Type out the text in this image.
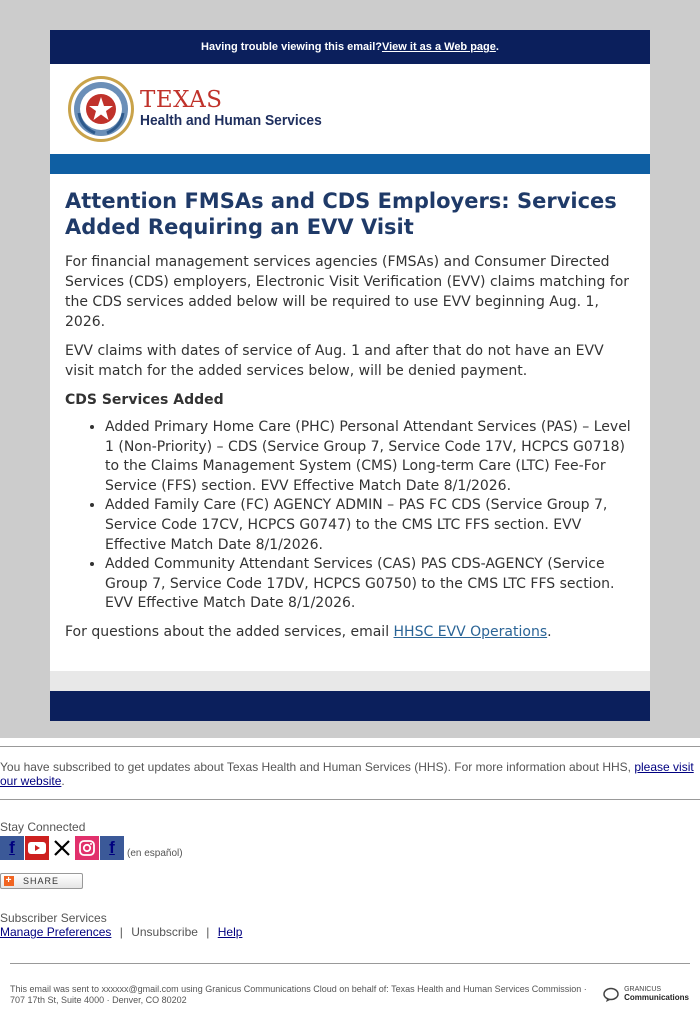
Having trouble viewing this email? View it as a Web page .
TEXAS
Health and Human Services
Attention FMSAs and CDS Employers: Services Added Requiring an EVV Visit

For financial management services agencies (FMSAs) and Consumer Directed Services (CDS) employers, Electronic Visit Verification (EVV) claims matching for the CDS services added below will be required to use EVV beginning Aug. 1, 2026.

EVV claims with dates of service of Aug. 1 and after that do not have an EVV visit match for the added services below, will be denied payment.

CDS Services Added
• Added Primary Home Care (PHC) Personal Attendant Services (PAS) – Level 1 (Non-Priority) – CDS (Service Group 7, Service Code 17V, HCPCS G0718) to the Claims Management System (CMS) Long-term Care (LTC) Fee-For Service (FFS) section. EVV Effective Match Date 8/1/2026.
• Added Family Care (FC) AGENCY ADMIN – PAS FC CDS (Service Group 7, Service Code 17CV, HCPCS G0747) to the CMS LTC FFS section. EVV Effective Match Date 8/1/2026.
• Added Community Attendant Services (CAS) PAS CDS-AGENCY (Service Group 7, Service Code 17DV, HCPCS G0750) to the CMS LTC FFS section. EVV Effective Match Date 8/1/2026.

For questions about the added services, email HHSC EVV Operations.

You have subscribed to get updates about Texas Health and Human Services (HHS). For more information about HHS, please visit our website.
Stay Connected
f	f	(en español)
+ SHARE
Subscriber Services
Manage Preferences | Unsubscribe | Help
This email was sent to xxxxxx@gmail.com using Granicus Communications Cloud on behalf of: Texas Health and Human Services Commission · 707 17th St, Suite 4000 · Denver, CO 80202
GRANICUS
Communications
